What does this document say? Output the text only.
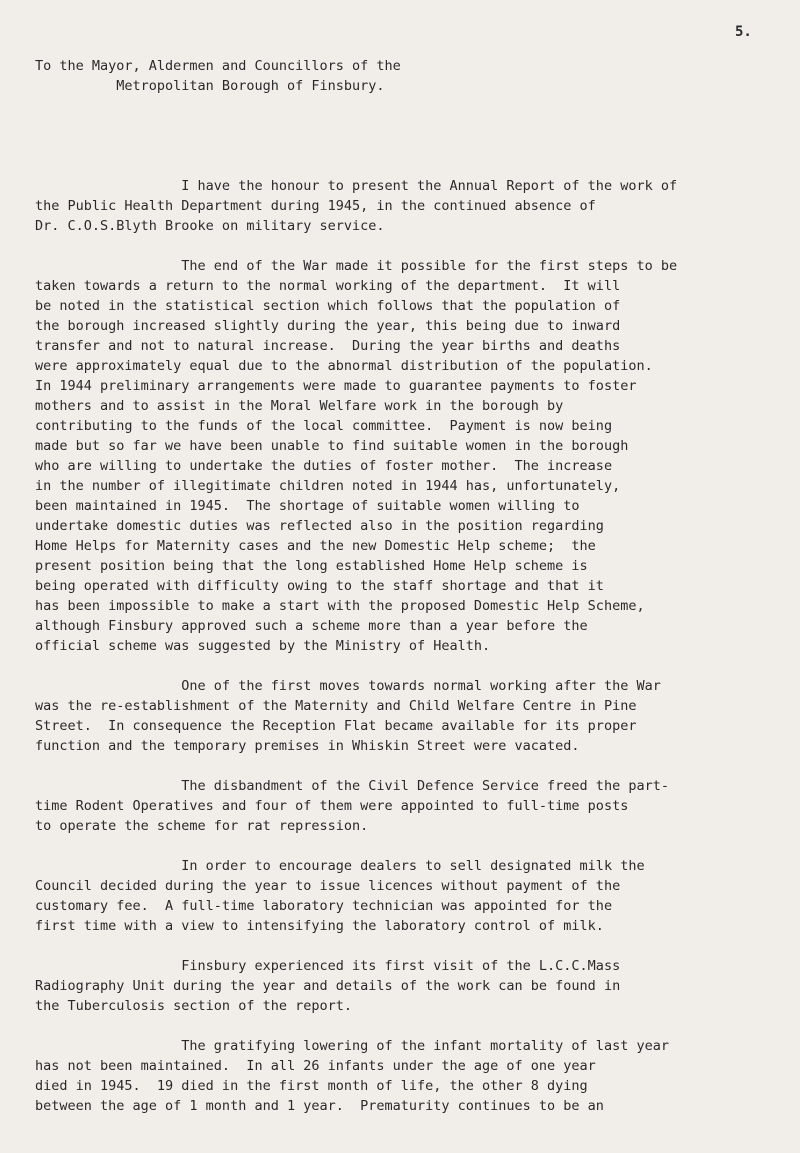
5.
To the Mayor, Aldermen and Councillors of the
Metropolitan Borough of Finsbury.

I have the honour to present the Annual Report of the work of
the Public Health Department during 1945, in the continued absence of
Dr. C.O.S.Blyth Brooke on military service.

The end of the War made it possible for the first steps to be
taken towards a return to the normal working of the department.  It will
be noted in the statistical section which follows that the population of
the borough increased slightly during the year, this being due to inward
transfer and not to natural increase.  During the year births and deaths
were approximately equal due to the abnormal distribution of the population.
In 1944 preliminary arrangements were made to guarantee payments to foster
mothers and to assist in the Moral Welfare work in the borough by
contributing to the funds of the local committee.  Payment is now being
made but so far we have been unable to find suitable women in the borough
who are willing to undertake the duties of foster mother.  The increase
in the number of illegitimate children noted in 1944 has, unfortunately,
been maintained in 1945.  The shortage of suitable women willing to
undertake domestic duties was reflected also in the position regarding
Home Helps for Maternity cases and the new Domestic Help scheme;  the
present position being that the long established Home Help scheme is
being operated with difficulty owing to the staff shortage and that it
has been impossible to make a start with the proposed Domestic Help Scheme,
although Finsbury approved such a scheme more than a year before the
official scheme was suggested by the Ministry of Health.

One of the first moves towards normal working after the War
was the re-establishment of the Maternity and Child Welfare Centre in Pine
Street.  In consequence the Reception Flat became available for its proper
function and the temporary premises in Whiskin Street were vacated.

The disbandment of the Civil Defence Service freed the part-
time Rodent Operatives and four of them were appointed to full-time posts
to operate the scheme for rat repression.

In order to encourage dealers to sell designated milk the
Council decided during the year to issue licences without payment of the
customary fee.  A full-time laboratory technician was appointed for the
first time with a view to intensifying the laboratory control of milk.

Finsbury experienced its first visit of the L.C.C.Mass
Radiography Unit during the year and details of the work can be found in
the Tuberculosis section of the report.

The gratifying lowering of the infant mortality of last year
has not been maintained.  In all 26 infants under the age of one year
died in 1945.  19 died in the first month of life, the other 8 dying
between the age of 1 month and 1 year.  Prematurity continues to be an
